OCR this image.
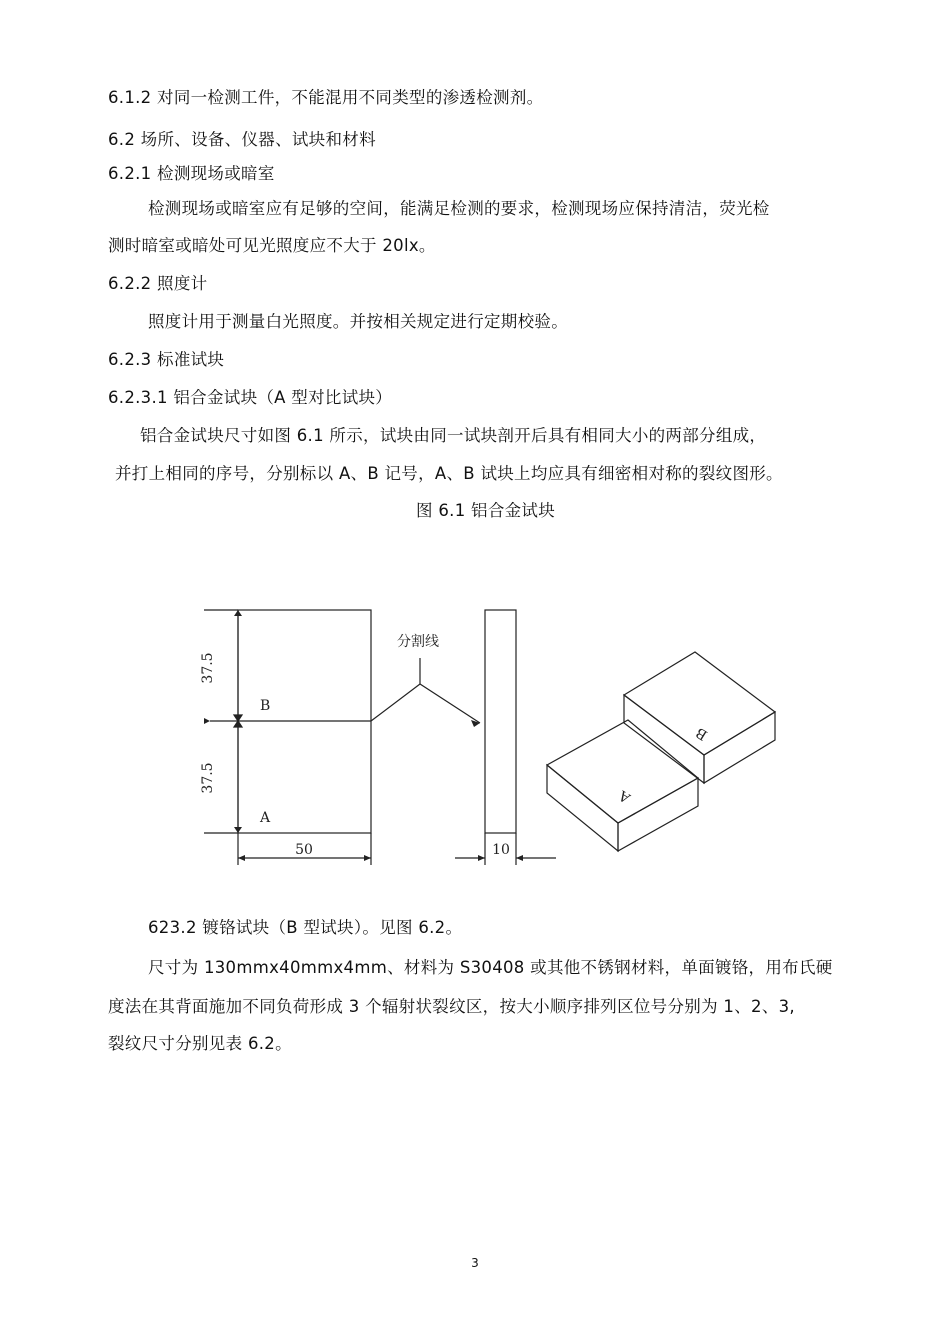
6.1.2 对同一检测工件，不能混用不同类型的渗透检测剂。
6.2 场所、设备、仪器、试块和材料
6.2.1 检测现场或暗室
检测现场或暗室应有足够的空间，能满足检测的要求，检测现场应保持清洁，荧光检
测时暗室或暗处可见光照度应不大于 20lx。
6.2.2 照度计
照度计用于测量白光照度。并按相关规定进行定期校验。
6.2.3 标准试块
6.2.3.1 铝合金试块（A 型对比试块）
铝合金试块尺寸如图 6.1 所示，试块由同一试块剖开后具有相同大小的两部分组成，
并打上相同的序号，分别标以 A、B 记号，A、B 试块上均应具有细密相对称的裂纹图形。
图 6.1 铝合金试块
37.5
37.5
B
A
50	10
分割线
A
B
623.2 镀铬试块（B 型试块）。见图 6.2。
尺寸为 130mmx40mmx4mm、材料为 S30408 或其他不锈钢材料，单面镀铬，用布氏硬
度法在其背面施加不同负荷形成 3 个辐射状裂纹区，按大小顺序排列区位号分别为 1、2、3,
裂纹尺寸分别见表 6.2。
3
